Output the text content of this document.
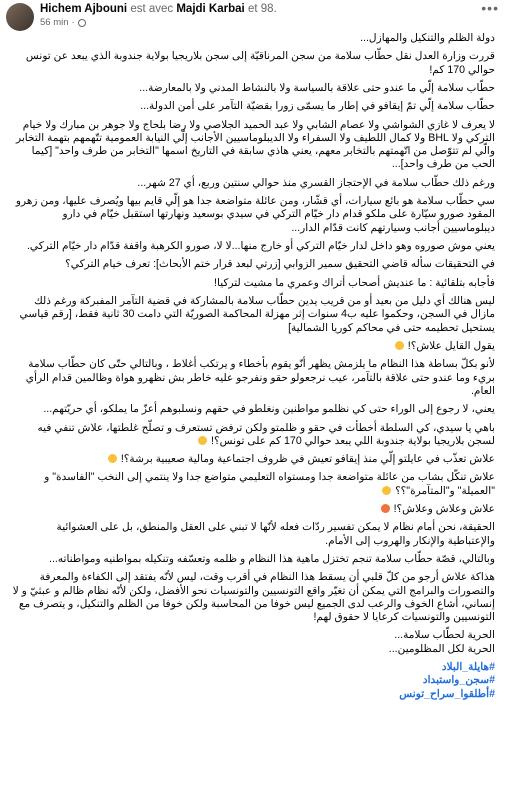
Hichem Ajbouni est avec Majdi Karbai et 98.
56 min ·
•••

دولة الظلم والتنكيل والمهازل...

قررت وزارة العدل نقل حطّاب سلامة من سجن المرناقيّة إلى سجن بلاريجيا بولاية جندوبة الذي يبعد عن تونس حوالي 170 كم!

حطّاب سلامة إلّي ما عندو حتى علاقة بالسياسة ولا بالنشاط المدني ولا بالمعارضة...

حطّاب سلامة إلّي تمّ إيقافو في إطار ما يسمّى زورا بقضيّة التآمر على أمن الدولة...

لا يعرف لا غازي الشواشي ولا عصام الشابي ولا عبد الحميد الجلاصي ولا رضا بلحاج ولا جوهر بن مبارك ولا خيام التركي ولا BHL ولا كمال اللطيف ولا السفراء ولا الديبلوماسيين الأجانب إلّي النيابة العمومية تتّهمهم بتهمة التخابر والّي لم تتوّصل من اتّهمتهم بالتخابر معهم، يعني هاذي سابقة في التاريخ اسمها "التخابر من طرف واحد" [كيما الحب من طرف واحد]...

ورغم ذلك حطّاب سلامة في الإحتجاز القسري منذ حوالي سنتين وربع، أي 27 شهر...

سي حطّاب سلامة هو بائع سيارات، أي قشّار، ومن عائلة متواضعة جدا هو إلّي قايم بيها ويُصرف عليها، ومن زهرو المقود صورو سيّارة على ملكو قدام دار خيّام التركي في سيدي بوسعيد ونهارتها استقبل خيّام في دارو ديبلوماسيين أجانب وسيارتهم كانت قدّام الدار...

يعني موش صوروه وهو داخل لدار خيّام التركي أو خارج منها...لا لا، صورو الكرهبة واقفة قدّام دار خيّام التركي.

في التحقيقات سأله قاضي التحقيق سمير الزوابي [زرتي لبعد قرار ختم الأبحاث]: تعرف خيام التركي؟

فأجابه بتلقائية : ما عنديش أصحاب أتراك وعمري ما مشيت لتركيا!

ليس هنالك أي دليل من بعيد أو من قريب يدين حطّاب سلامة بالمشاركة في قضية التآمر المفبركة ورغم ذلك مازال في السجن، وحكموا عليه ب4 سنوات إثر مهزلة المحاكمة الصوريّة التي دامت 30 ثانية فقط، [رقم قياسي يستحيل تحطيمه حتى في محاكم كوريا الشمالية]

يقول القايل علاش؟!

لأنو بكلّ بساطة هذا النظام ما يلزمش يظهر أنّو يقوم بأخطاء و يرتكب أغلاط ، وبالتالي حتّى كان حطّاب سلامة بريء وما عندو حتى علاقة بالتآمر، عيب نرجعولو حقو ونفرجو عليه خاطر بش نظهرو هواة وظالمين قدام الرأي العام.

يعني، لا رجوع إلى الوراء حتى كي نظلمو مواطنين ونغلطو في حقهم ونسلبوهم أعزّ ما يملكو، أي حريّتهم...

باهي يا سيدي، كي السلطة أخطأت في حقو و ظلمتو ولكن ترفض تستعرف و تصلّح غلطتها، علاش تنفي فيه لسجن بلاريجيا بولاية جندوبة اللي يبعد حوالي 170 كم على تونس؟!

علاش تعذّب في عايلتو إلّي منذ إيقافو تعيش في ظروف اجتماعية ومالية صعيبية برشة؟!

علاش تنكّل بشاب من عائلة متواضعة جدا ومستواه التعليمي متواضع جدا ولا ينتمي إلى النخب "الفاسدة" و "العميلة" و"المتآمرة"؟؟

علاش وعلاش وعلاش؟!

الحقيقة، نحن أمام نظام لا يمكن تفسير ردّات فعله لأنّها لا تبني على العقل والمنطق، بل على العشوائية والإعتباطية والإنكار والهروب إلى الأمام.

وبالتالي، قصّة حطّاب سلامة تنجم تختزل ماهية هذا النظام و ظلمه وتعسّفه وتنكيله بمواطنيه ومواطناته...

هذاكة علاش أرجو من كلّ قلبي أن يسقط هذا النظام في أقرب وقت، ليس لأنّه يفتقد إلى الكفاءة والمعرفة والتصورات والبرامج التي يمكن أن تغيّر واقع التونسيين والتونسيات نحو الأفضل، ولكن لأنّه نظام ظالم و عبثيّ و لا إنساني، أشاع الخوف والرعب لدى الجميع ليس خوفا من المحاسبة ولكن خوفا من الظلم والتنكيل، و يتصرف مع التونسيين والتونسيات كرعايا لا حقوق لهم!

الحرية لحطّاب سلامة...

الحرية لكل المظلومين...

#هايلة_البلاد
#سجن_واستبداد
#أطلقوا_سراح_تونس
